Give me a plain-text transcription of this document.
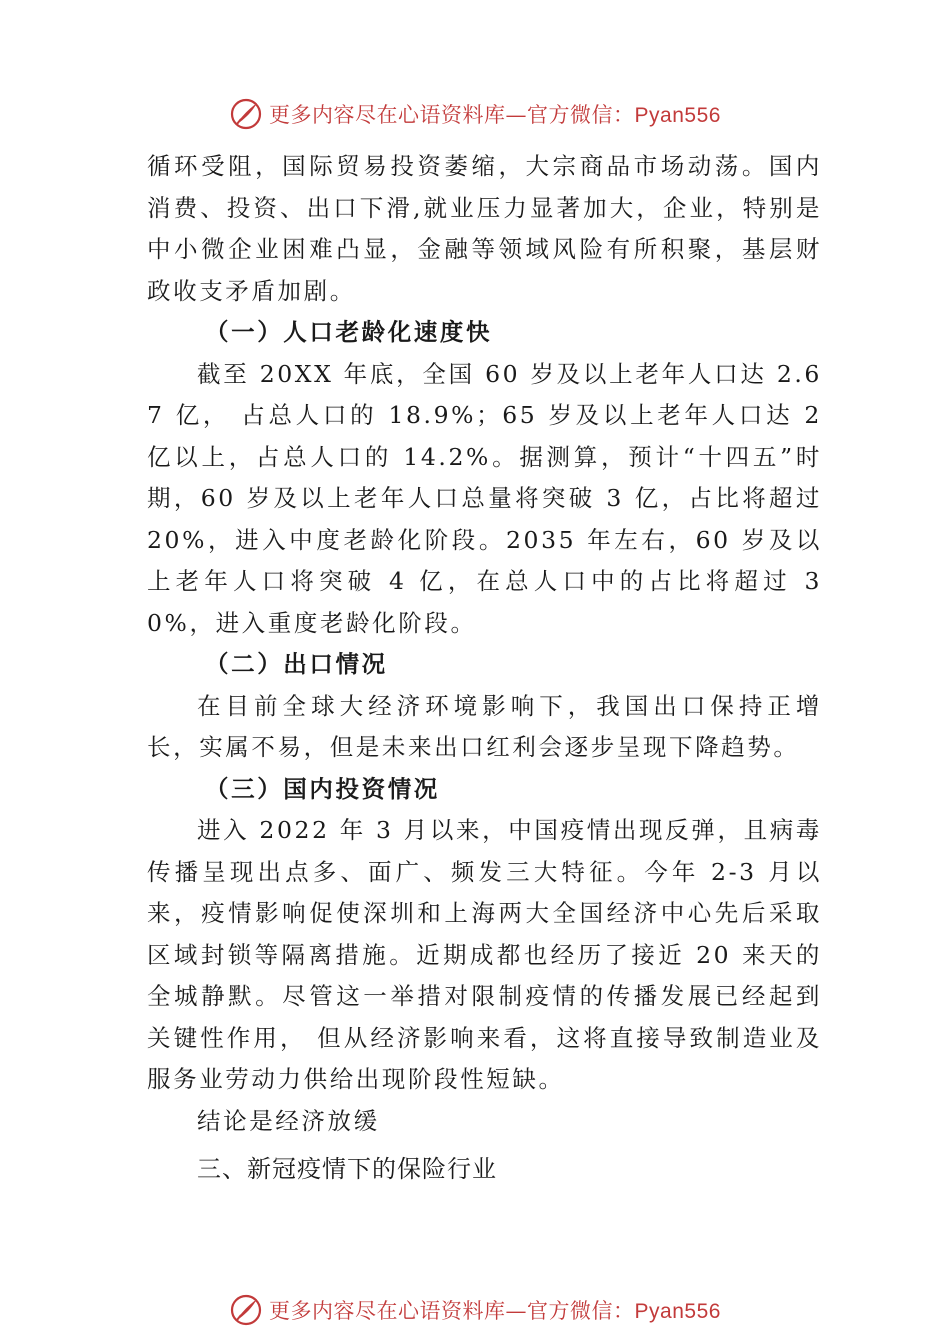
更多内容尽在心语资料库—官方微信：Pyan556

循环受阻，国际贸易投资萎缩，大宗商品市场动荡。国内消费、投资、出口下滑,就业压力显著加大，企业，特别是中小微企业困难凸显，金融等领域风险有所积聚，基层财政收支矛盾加剧。

（一）人口老龄化速度快

截至 20XX 年底，全国 60 岁及以上老年人口达 2.67 亿， 占总人口的 18.9%；65 岁及以上老年人口达 2 亿以上，占总人口的 14.2%。据测算，预计“十四五”时期，60 岁及以上老年人口总量将突破 3 亿，占比将超过 20%，进入中度老龄化阶段。2035 年左右，60 岁及以上老年人口将突破 4 亿，在总人口中的占比将超过 30%，进入重度老龄化阶段。

（二）出口情况

在目前全球大经济环境影响下，我国出口保持正增长，实属不易，但是未来出口红利会逐步呈现下降趋势。

（三）国内投资情况

进入 2022 年 3 月以来，中国疫情出现反弹，且病毒传播呈现出点多、面广、频发三大特征。今年 2-3 月以来，疫情影响促使深圳和上海两大全国经济中心先后采取区域封锁等隔离措施。近期成都也经历了接近 20 来天的全城静默。尽管这一举措对限制疫情的传播发展已经起到关键性作用， 但从经济影响来看，这将直接导致制造业及服务业劳动力供给出现阶段性短缺。

结论是经济放缓

三、新冠疫情下的保险行业

更多内容尽在心语资料库—官方微信：Pyan556
